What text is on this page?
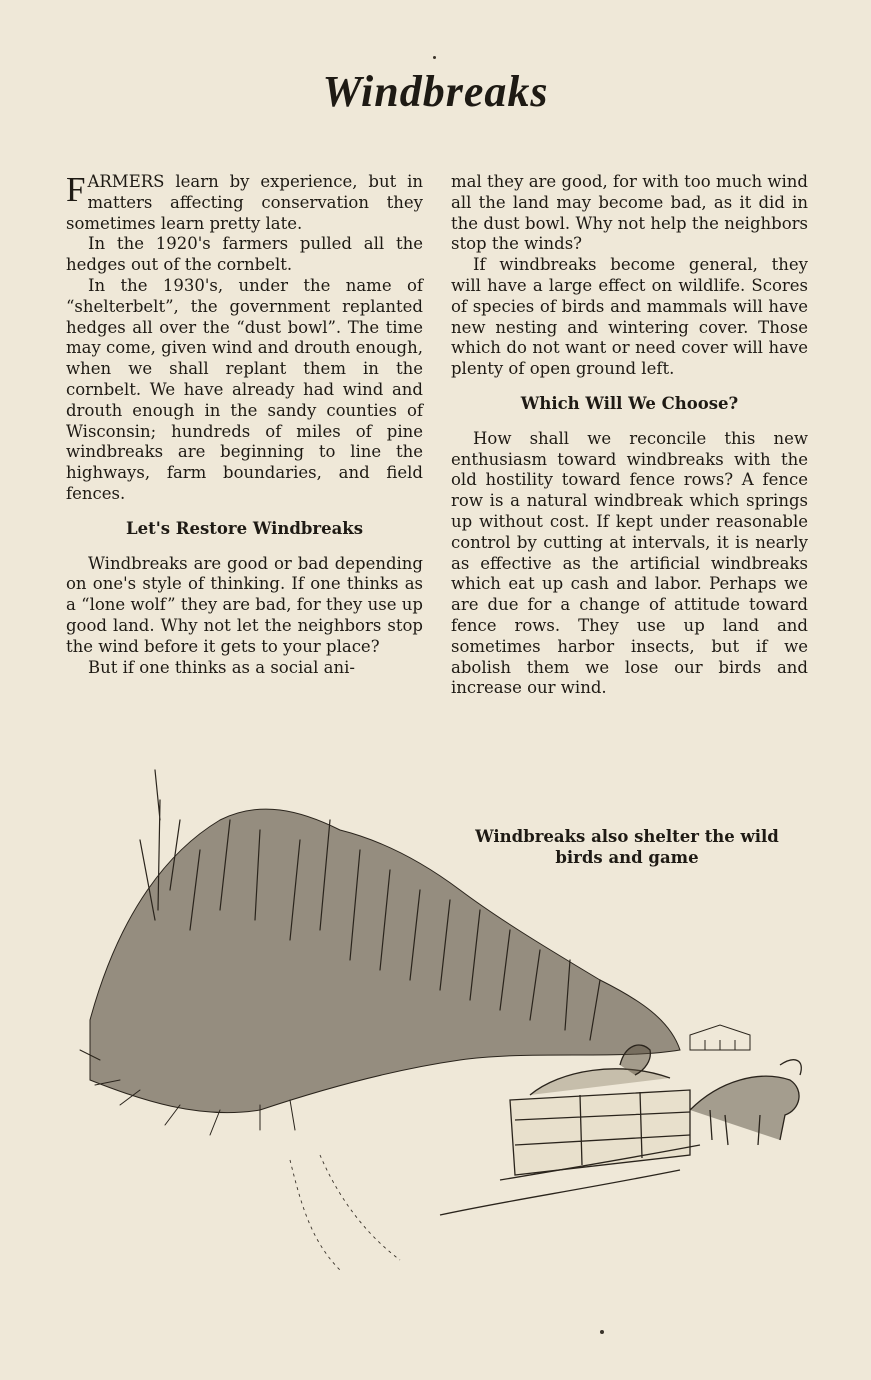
Windbreaks

FARMERS learn by experience, but in matters affecting conservation they sometimes learn pretty late.

In the 1920's farmers pulled all the hedges out of the cornbelt.

In the 1930's, under the name of “shelterbelt”, the government replanted hedges all over the “dust bowl”. The time may come, given wind and drouth enough, when we shall replant them in the cornbelt. We have already had wind and drouth enough in the sandy counties of Wisconsin; hundreds of miles of pine windbreaks are beginning to line the highways, farm boundaries, and field fences.

Let's Restore Windbreaks

Windbreaks are good or bad depending on one's style of thinking. If one thinks as a “lone wolf” they are bad, for they use up good land. Why not let the neighbors stop the wind before it gets to your place?

But if one thinks as a social ani-

mal they are good, for with too much wind all the land may become bad, as it did in the dust bowl. Why not help the neighbors stop the winds?

If windbreaks become general, they will have a large effect on wildlife. Scores of species of birds and mammals will have new nesting and wintering cover. Those which do not want or need cover will have plenty of open ground left.

Which Will We Choose?

How shall we reconcile this new enthusiasm toward windbreaks with the old hostility toward fence rows? A fence row is a natural windbreak which springs up without cost. If kept under reasonable control by cutting at intervals, it is nearly as effective as the artificial windbreaks which eat up cash and labor. Perhaps we are due for a change of attitude toward fence rows. They use up land and sometimes harbor insects, but if we abolish them we lose our birds and increase our wind.

Windbreaks also shelter the wild birds and game
